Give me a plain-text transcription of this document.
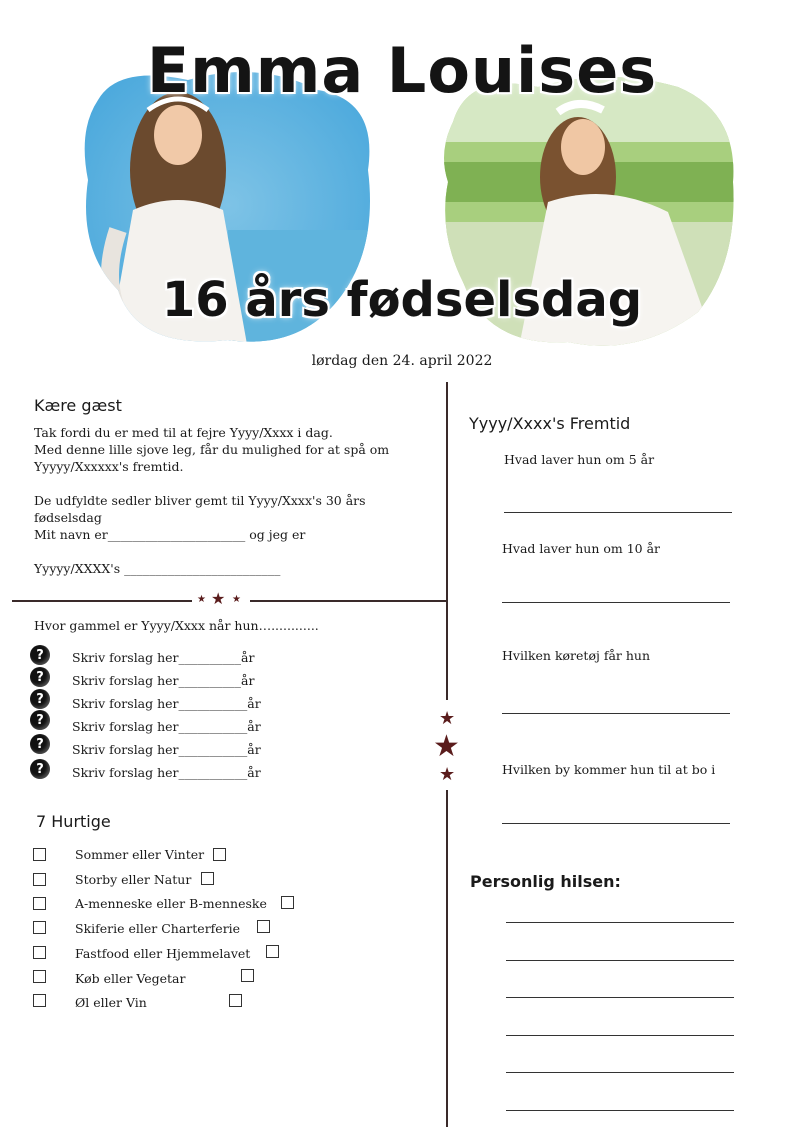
Emma Louises
16 års fødselsdag
lørdag den 24. april 2022
★
★
★
★ ★ ★
Kære gæst
Tak fordi du er med til at fejre Yyyy/Xxxx i dag.
Med denne lille sjove leg, får du mulighed for at spå om
Yyyyy/Xxxxxx's fremtid.
De udfyldte sedler bliver gemt til Yyyy/Xxxx's 30 års
fødselsdag
Mit navn er______________________ og jeg er
Yyyyy/XXXX's _________________________
Hvor gammel er Yyyy/Xxxx når hun…............
?	Skriv forslag her__________år
?	Skriv forslag her__________år
?	Skriv forslag her___________år
?	Skriv forslag her___________år
?	Skriv forslag her___________år
?	Skriv forslag her___________år
7 Hurtige
Sommer eller Vinter
Storby eller Natur
A-menneske eller B-menneske
Skiferie eller Charterferie
Fastfood eller Hjemmelavet
Køb eller Vegetar
Øl eller Vin
Yyyy/Xxxx's Fremtid
Hvad laver hun om 5 år
Hvad laver hun om 10 år
Hvilken køretøj får hun
Hvilken by kommer hun til at bo i
Personlig hilsen:
